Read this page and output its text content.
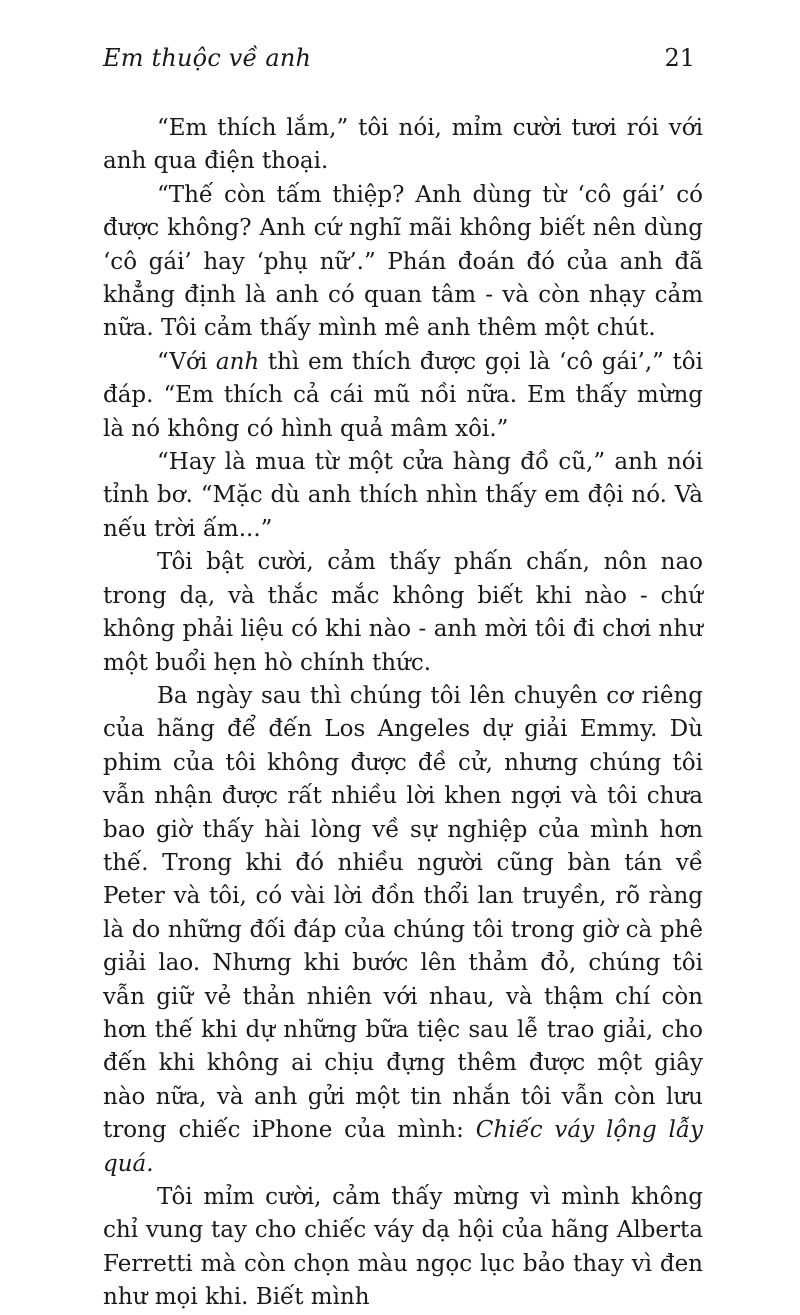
Em thuộc về anh	21

“Em thích lắm,” tôi nói, mỉm cười tươi rói với anh qua điện thoại.

“Thế còn tấm thiệp? Anh dùng từ ‘cô gái’ có được không? Anh cứ nghĩ mãi không biết nên dùng ‘cô gái’ hay ‘phụ nữ’.” Phán đoán đó của anh đã khẳng định là anh có quan tâm - và còn nhạy cảm nữa. Tôi cảm thấy mình mê anh thêm một chút.

“Với anh thì em thích được gọi là ‘cô gái’,” tôi đáp. “Em thích cả cái mũ nồi nữa. Em thấy mừng là nó không có hình quả mâm xôi.”

“Hay là mua từ một cửa hàng đồ cũ,” anh nói tỉnh bơ. “Mặc dù anh thích nhìn thấy em đội nó. Và nếu trời ấm...”

Tôi bật cười, cảm thấy phấn chấn, nôn nao trong dạ, và thắc mắc không biết khi nào - chứ không phải liệu có khi nào - anh mời tôi đi chơi như một buổi hẹn hò chính thức.

Ba ngày sau thì chúng tôi lên chuyên cơ riêng của hãng để đến Los Angeles dự giải Emmy. Dù phim của tôi không được đề cử, nhưng chúng tôi vẫn nhận được rất nhiều lời khen ngợi và tôi chưa bao giờ thấy hài lòng về sự nghiệp của mình hơn thế. Trong khi đó nhiều người cũng bàn tán về Peter và tôi, có vài lời đồn thổi lan truyền, rõ ràng là do những đối đáp của chúng tôi trong giờ cà phê giải lao. Nhưng khi bước lên thảm đỏ, chúng tôi vẫn giữ vẻ thản nhiên với nhau, và thậm chí còn hơn thế khi dự những bữa tiệc sau lễ trao giải, cho đến khi không ai chịu đựng thêm được một giây nào nữa, và anh gửi một tin nhắn tôi vẫn còn lưu trong chiếc iPhone của mình: Chiếc váy lộng lẫy quá.

Tôi mỉm cười, cảm thấy mừng vì mình không chỉ vung tay cho chiếc váy dạ hội của hãng Alberta Ferretti mà còn chọn màu ngọc lục bảo thay vì đen như mọi khi. Biết mình
